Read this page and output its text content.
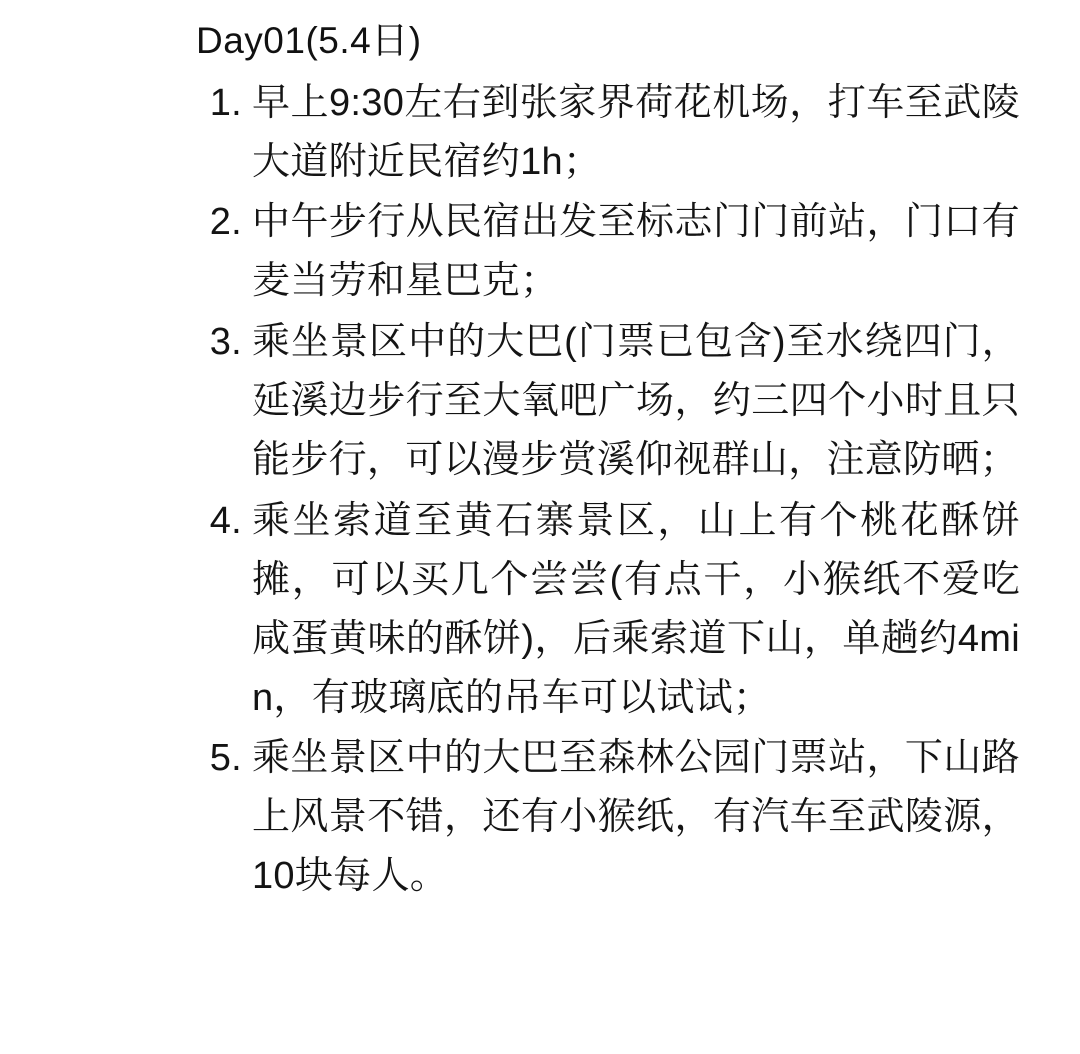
Day01(5.4日)
1. 早上9:30左右到张家界荷花机场，打车至武陵大道附近民宿约1h；
2. 中午步行从民宿出发至标志门门前站，门口有麦当劳和星巴克；
3. 乘坐景区中的大巴(门票已包含)至水绕四门，延溪边步行至大氧吧广场，约三四个小时且只能步行，可以漫步赏溪仰视群山，注意防晒；
4. 乘坐索道至黄石寨景区，山上有个桃花酥饼摊，可以买几个尝尝(有点干，小猴纸不爱吃咸蛋黄味的酥饼)，后乘索道下山，单趟约4min，有玻璃底的吊车可以试试；
5. 乘坐景区中的大巴至森林公园门票站，下山路上风景不错，还有小猴纸，有汽车至武陵源，10块每人。
